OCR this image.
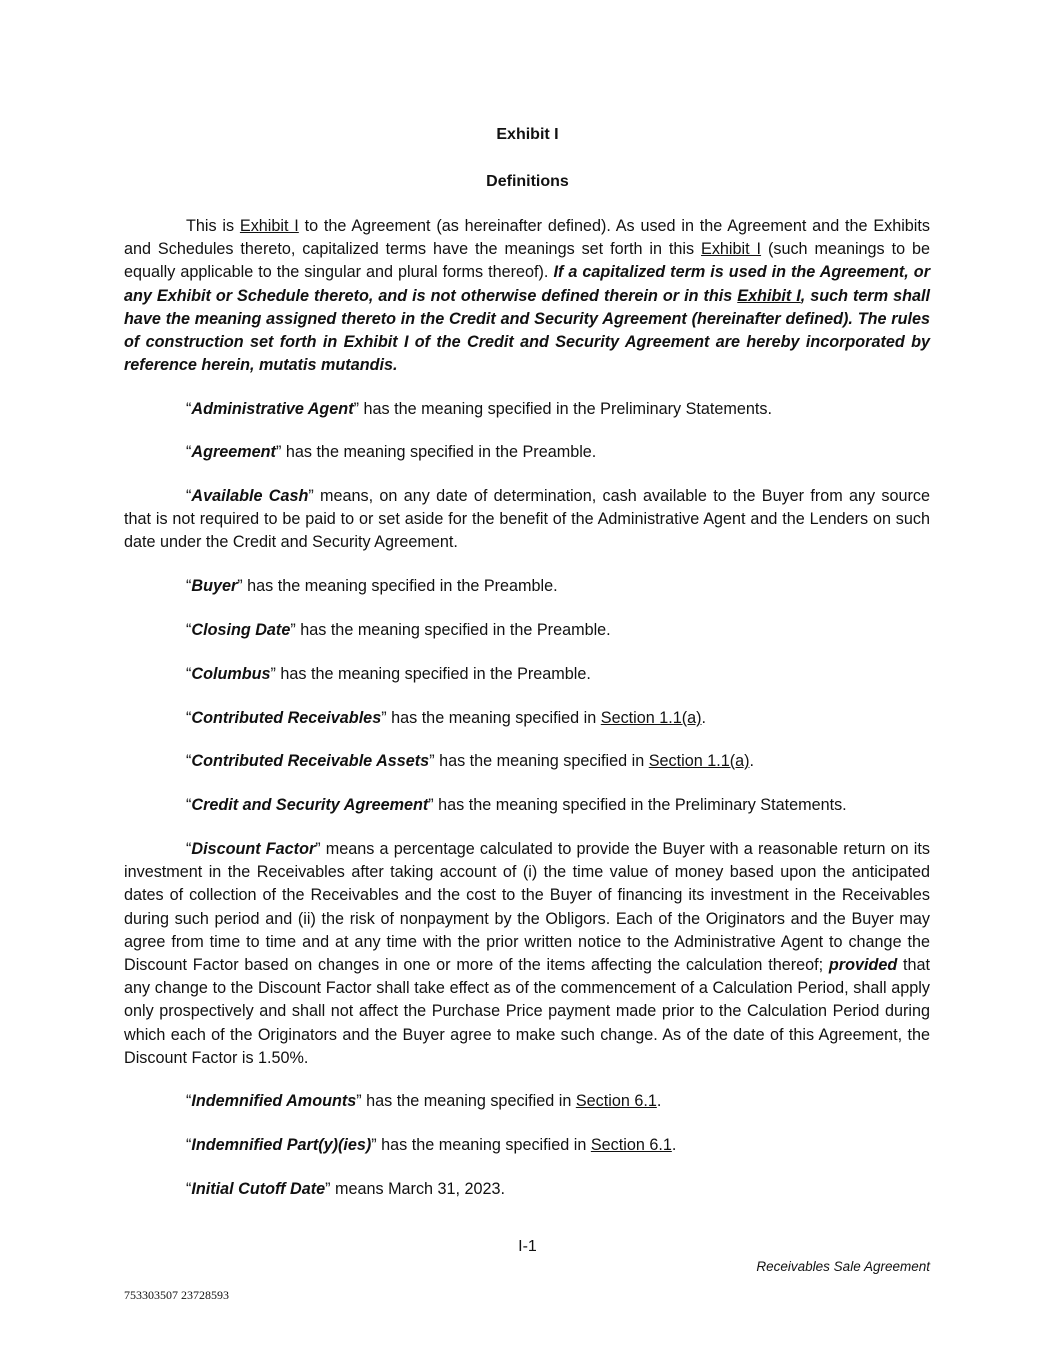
Exhibit I
Definitions

This is Exhibit I to the Agreement (as hereinafter defined). As used in the Agreement and the Exhibits and Schedules thereto, capitalized terms have the meanings set forth in this Exhibit I (such meanings to be equally applicable to the singular and plural forms thereof). If a capitalized term is used in the Agreement, or any Exhibit or Schedule thereto, and is not otherwise defined therein or in this Exhibit I, such term shall have the meaning assigned thereto in the Credit and Security Agreement (hereinafter defined). The rules of construction set forth in Exhibit I of the Credit and Security Agreement are hereby incorporated by reference herein, mutatis mutandis.

“Administrative Agent” has the meaning specified in the Preliminary Statements.

“Agreement” has the meaning specified in the Preamble.

“Available Cash” means, on any date of determination, cash available to the Buyer from any source that is not required to be paid to or set aside for the benefit of the Administrative Agent and the Lenders on such date under the Credit and Security Agreement.

“Buyer” has the meaning specified in the Preamble.

“Closing Date” has the meaning specified in the Preamble.

“Columbus” has the meaning specified in the Preamble.

“Contributed Receivables” has the meaning specified in Section 1.1(a).

“Contributed Receivable Assets” has the meaning specified in Section 1.1(a).

“Credit and Security Agreement” has the meaning specified in the Preliminary Statements.

“Discount Factor” means a percentage calculated to provide the Buyer with a reasonable return on its investment in the Receivables after taking account of (i) the time value of money based upon the anticipated dates of collection of the Receivables and the cost to the Buyer of financing its investment in the Receivables during such period and (ii) the risk of nonpayment by the Obligors. Each of the Originators and the Buyer may agree from time to time and at any time with the prior written notice to the Administrative Agent to change the Discount Factor based on changes in one or more of the items affecting the calculation thereof; provided that any change to the Discount Factor shall take effect as of the commencement of a Calculation Period, shall apply only prospectively and shall not affect the Purchase Price payment made prior to the Calculation Period during which each of the Originators and the Buyer agree to make such change. As of the date of this Agreement, the Discount Factor is 1.50%.

“Indemnified Amounts” has the meaning specified in Section 6.1.

“Indemnified Part(y)(ies)” has the meaning specified in Section 6.1.

“Initial Cutoff Date” means March 31, 2023.

I-1
Receivables Sale Agreement
753303507 23728593
